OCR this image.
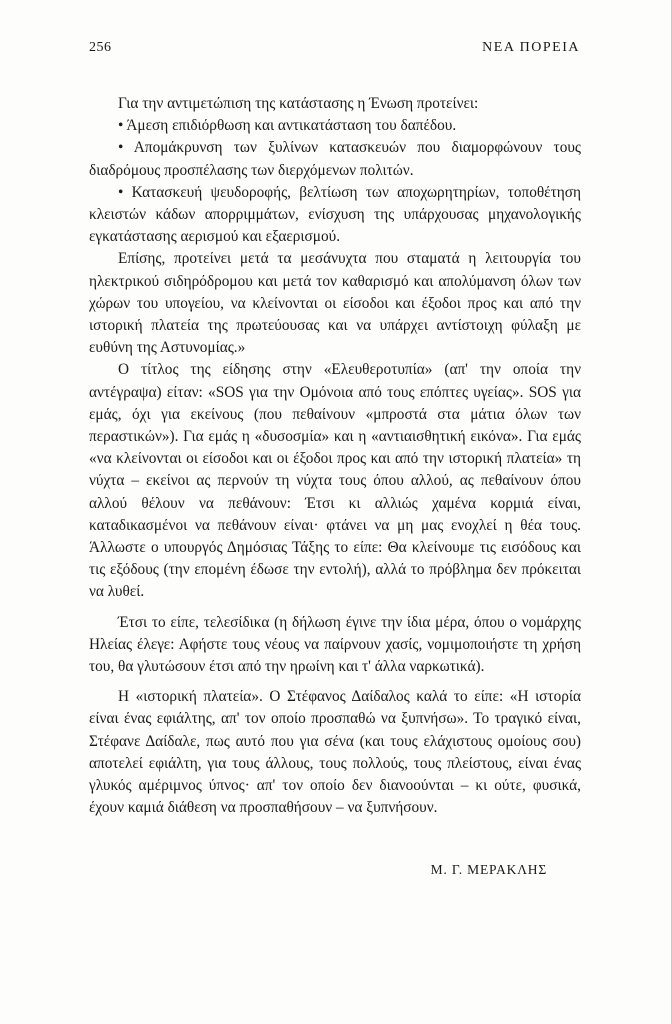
256	ΝΕΑ ΠΟΡΕΙΑ

Για την αντιμετώπιση της κατάστασης η Ένωση προτείνει:

• Άμεση επιδιόρθωση και αντικατάσταση του δαπέδου.

• Απομάκρυνση των ξυλίνων κατασκευών που διαμορφώνουν τους διαδρόμους προσπέλασης των διερχόμενων πολιτών.

• Κατασκευή ψευδοροφής, βελτίωση των αποχωρητηρίων, τοποθέτηση κλειστών κάδων απορριμμάτων, ενίσχυση της υπάρχουσας μηχανολογικής εγκατάστασης αερισμού και εξαερισμού.

Επίσης, προτείνει μετά τα μεσάνυχτα που σταματά η λειτουργία του ηλεκτρικού σιδηρόδρομου και μετά τον καθαρισμό και απολύμανση όλων των χώρων του υπογείου, να κλείνονται οι είσοδοι και έξοδοι προς και από την ιστορική πλατεία της πρωτεύουσας και να υπάρχει αντίστοιχη φύλαξη με ευθύνη της Αστυνομίας.»

Ο τίτλος της είδησης στην «Ελευθεροτυπία» (απ' την οποία την αντέγραψα) είταν: «SOS για την Ομόνοια από τους επόπτες υγείας». SOS για εμάς, όχι για εκείνους (που πεθαίνουν «μπροστά στα μάτια όλων των περαστικών»). Για εμάς η «δυσοσμία» και η «αντιαισθητική εικόνα». Για εμάς «να κλείνονται οι είσοδοι και οι έξοδοι προς και από την ιστορική πλατεία» τη νύχτα – εκείνοι ας περνούν τη νύχτα τους όπου αλλού, ας πεθαίνουν όπου αλλού θέλουν να πεθάνουν: Έτσι κι αλλιώς χαμένα κορμιά είναι, καταδικασμένοι να πεθάνουν είναι· φτάνει να μη μας ενοχλεί η θέα τους. Άλλωστε ο υπουργός Δημόσιας Τάξης το είπε: Θα κλείνουμε τις εισόδους και τις εξόδους (την επομένη έδωσε την εντολή), αλλά το πρόβλημα δεν πρόκειται να λυθεί.

Έτσι το είπε, τελεσίδικα (η δήλωση έγινε την ίδια μέρα, όπου ο νομάρχης Ηλείας έλεγε: Αφήστε τους νέους να παίρνουν χασίς, νομιμοποιήστε τη χρήση του, θα γλυτώσουν έτσι από την ηρωίνη και τ' άλλα ναρκωτικά).

Η «ιστορική πλατεία». Ο Στέφανος Δαίδαλος καλά το είπε: «Η ιστορία είναι ένας εφιάλτης, απ' τον οποίο προσπαθώ να ξυπνήσω». Το τραγικό είναι, Στέφανε Δαίδαλε, πως αυτό που για σένα (και τους ελάχιστους ομοίους σου) αποτελεί εφιάλτη, για τους άλλους, τους πολλούς, τους πλείστους, είναι ένας γλυκός αμέριμνος ύπνος· απ' τον οποίο δεν διανοούνται – κι ούτε, φυσικά, έχουν καμιά διάθεση να προσπαθήσουν – να ξυπνήσουν.

Μ. Γ. ΜΕΡΑΚΛΗΣ
